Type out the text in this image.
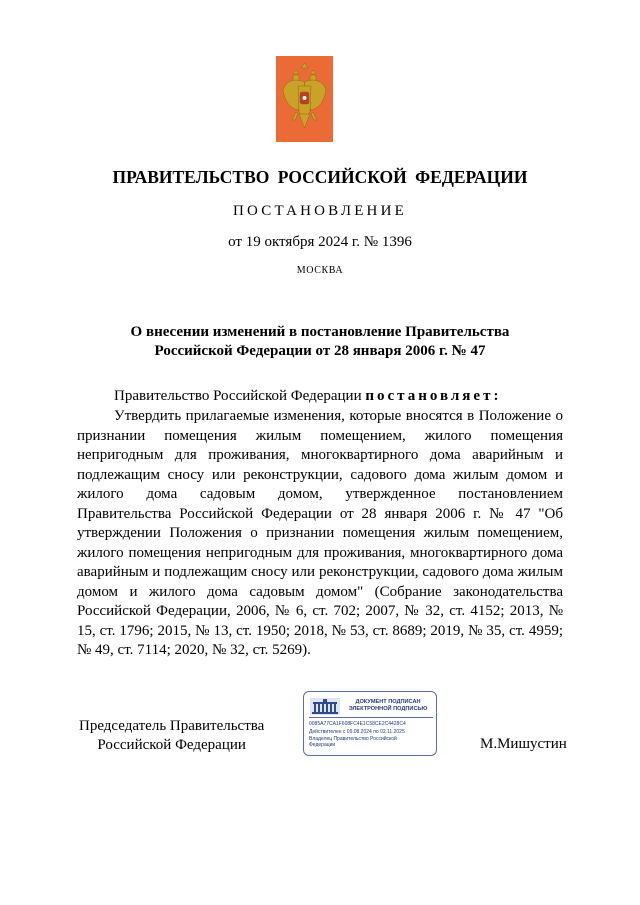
ПРАВИТЕЛЬСТВО РОССИЙСКОЙ ФЕДЕРАЦИИ
ПОСТАНОВЛЕНИЕ
от 19 октября 2024 г. № 1396
МОСКВА
О внесении изменений в постановление Правительства
Российской Федерации от 28 января 2006 г. № 47
Правительство Российской Федерации постановляет:

Утвердить прилагаемые изменения, которые вносятся в Положение о признании помещения жилым помещением, жилого помещения непригодным для проживания, многоквартирного дома аварийным и подлежащим сносу или реконструкции, садового дома жилым домом и жилого дома садовым домом, утвержденное постановлением Правительства Российской Федерации от 28 января 2006 г. № 47 "Об утверждении Положения о признании помещения жилым помещением, жилого помещения непригодным для проживания, многоквартирного дома аварийным и подлежащим сносу или реконструкции, садового дома жилым домом и жилого дома садовым домом" (Собрание законодательства Российской Федерации, 2006, № 6, ст. 702; 2007, № 32, ст. 4152; 2013, № 15, ст. 1796; 2015, № 13, ст. 1950; 2018, № 53, ст. 8689; 2019, № 35, ст. 4959; № 49, ст. 7114; 2020, № 32, ст. 5269).

Председатель Правительства
Российской Федерации
ДОКУМЕНТ ПОДПИСАН
ЭЛЕКТРОННОЙ ПОДПИСЬЮ
0085A77CA1F608FC4E1C58CE2C4428C4
Действителен с 09.08.2024 по 02.11.2025
Владелец Правительство Российской
Федерации	М.Мишустин
